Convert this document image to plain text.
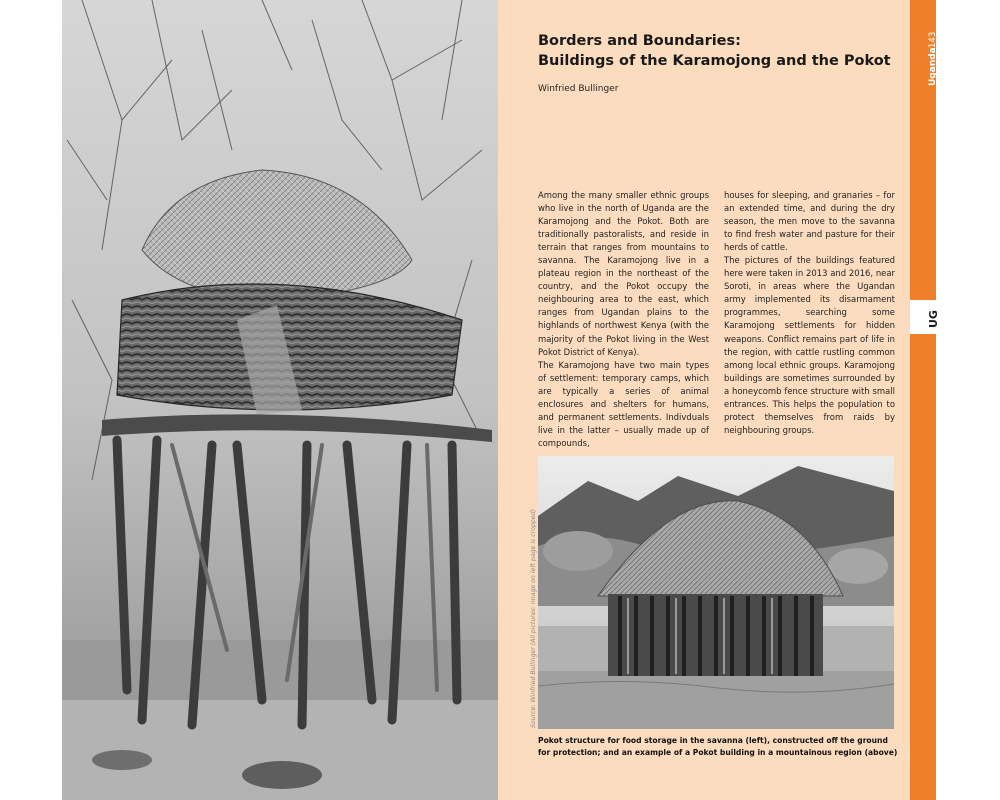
143

Uganda

UG

Borders and Boundaries:
Buildings of the Karamojong and the Pokot

Winfried Bullinger

Among the many smaller ethnic groups who live in the north of Uganda are the Karamojong and the Pokot. Both are traditionally pastoralists, and reside in terrain that ranges from mountains to savanna. The Karamojong live in a plateau region in the northeast of the country, and the Pokot occupy the neighbouring area to the east, which ranges from Ugandan plains to the highlands of northwest Kenya (with the majority of the Pokot living in the West Pokot District of Kenya).

The Karamojong have two main types of settlement: temporary camps, which are typically a series of animal enclosures and shelters for humans, and permanent settlements. Indivduals live in the latter – usually made up of compounds,

houses for sleeping, and granaries – for an extended time, and during the dry season, the men move to the savanna to find fresh water and pasture for their herds of cattle.

The pictures of the buildings featured here were taken in 2013 and 2016, near Soroti, in areas where the Ugandan army implemented its disarmament programmes, searching some Karamojong settlements for hidden weapons. Conflict remains part of life in the region, with cattle rustling common among local ethnic groups. Karamojong buildings are sometimes surrounded by a honeycomb fence structure with small entrances. This helps the population to protect themselves from raids by neighbouring groups.

Source: Winfried Bullinger (All pictures: image on left page is cropped)

Pokot structure for food storage in the savanna (left), constructed off the ground
for protection; and an example of a Pokot building in a mountainous region (above)
